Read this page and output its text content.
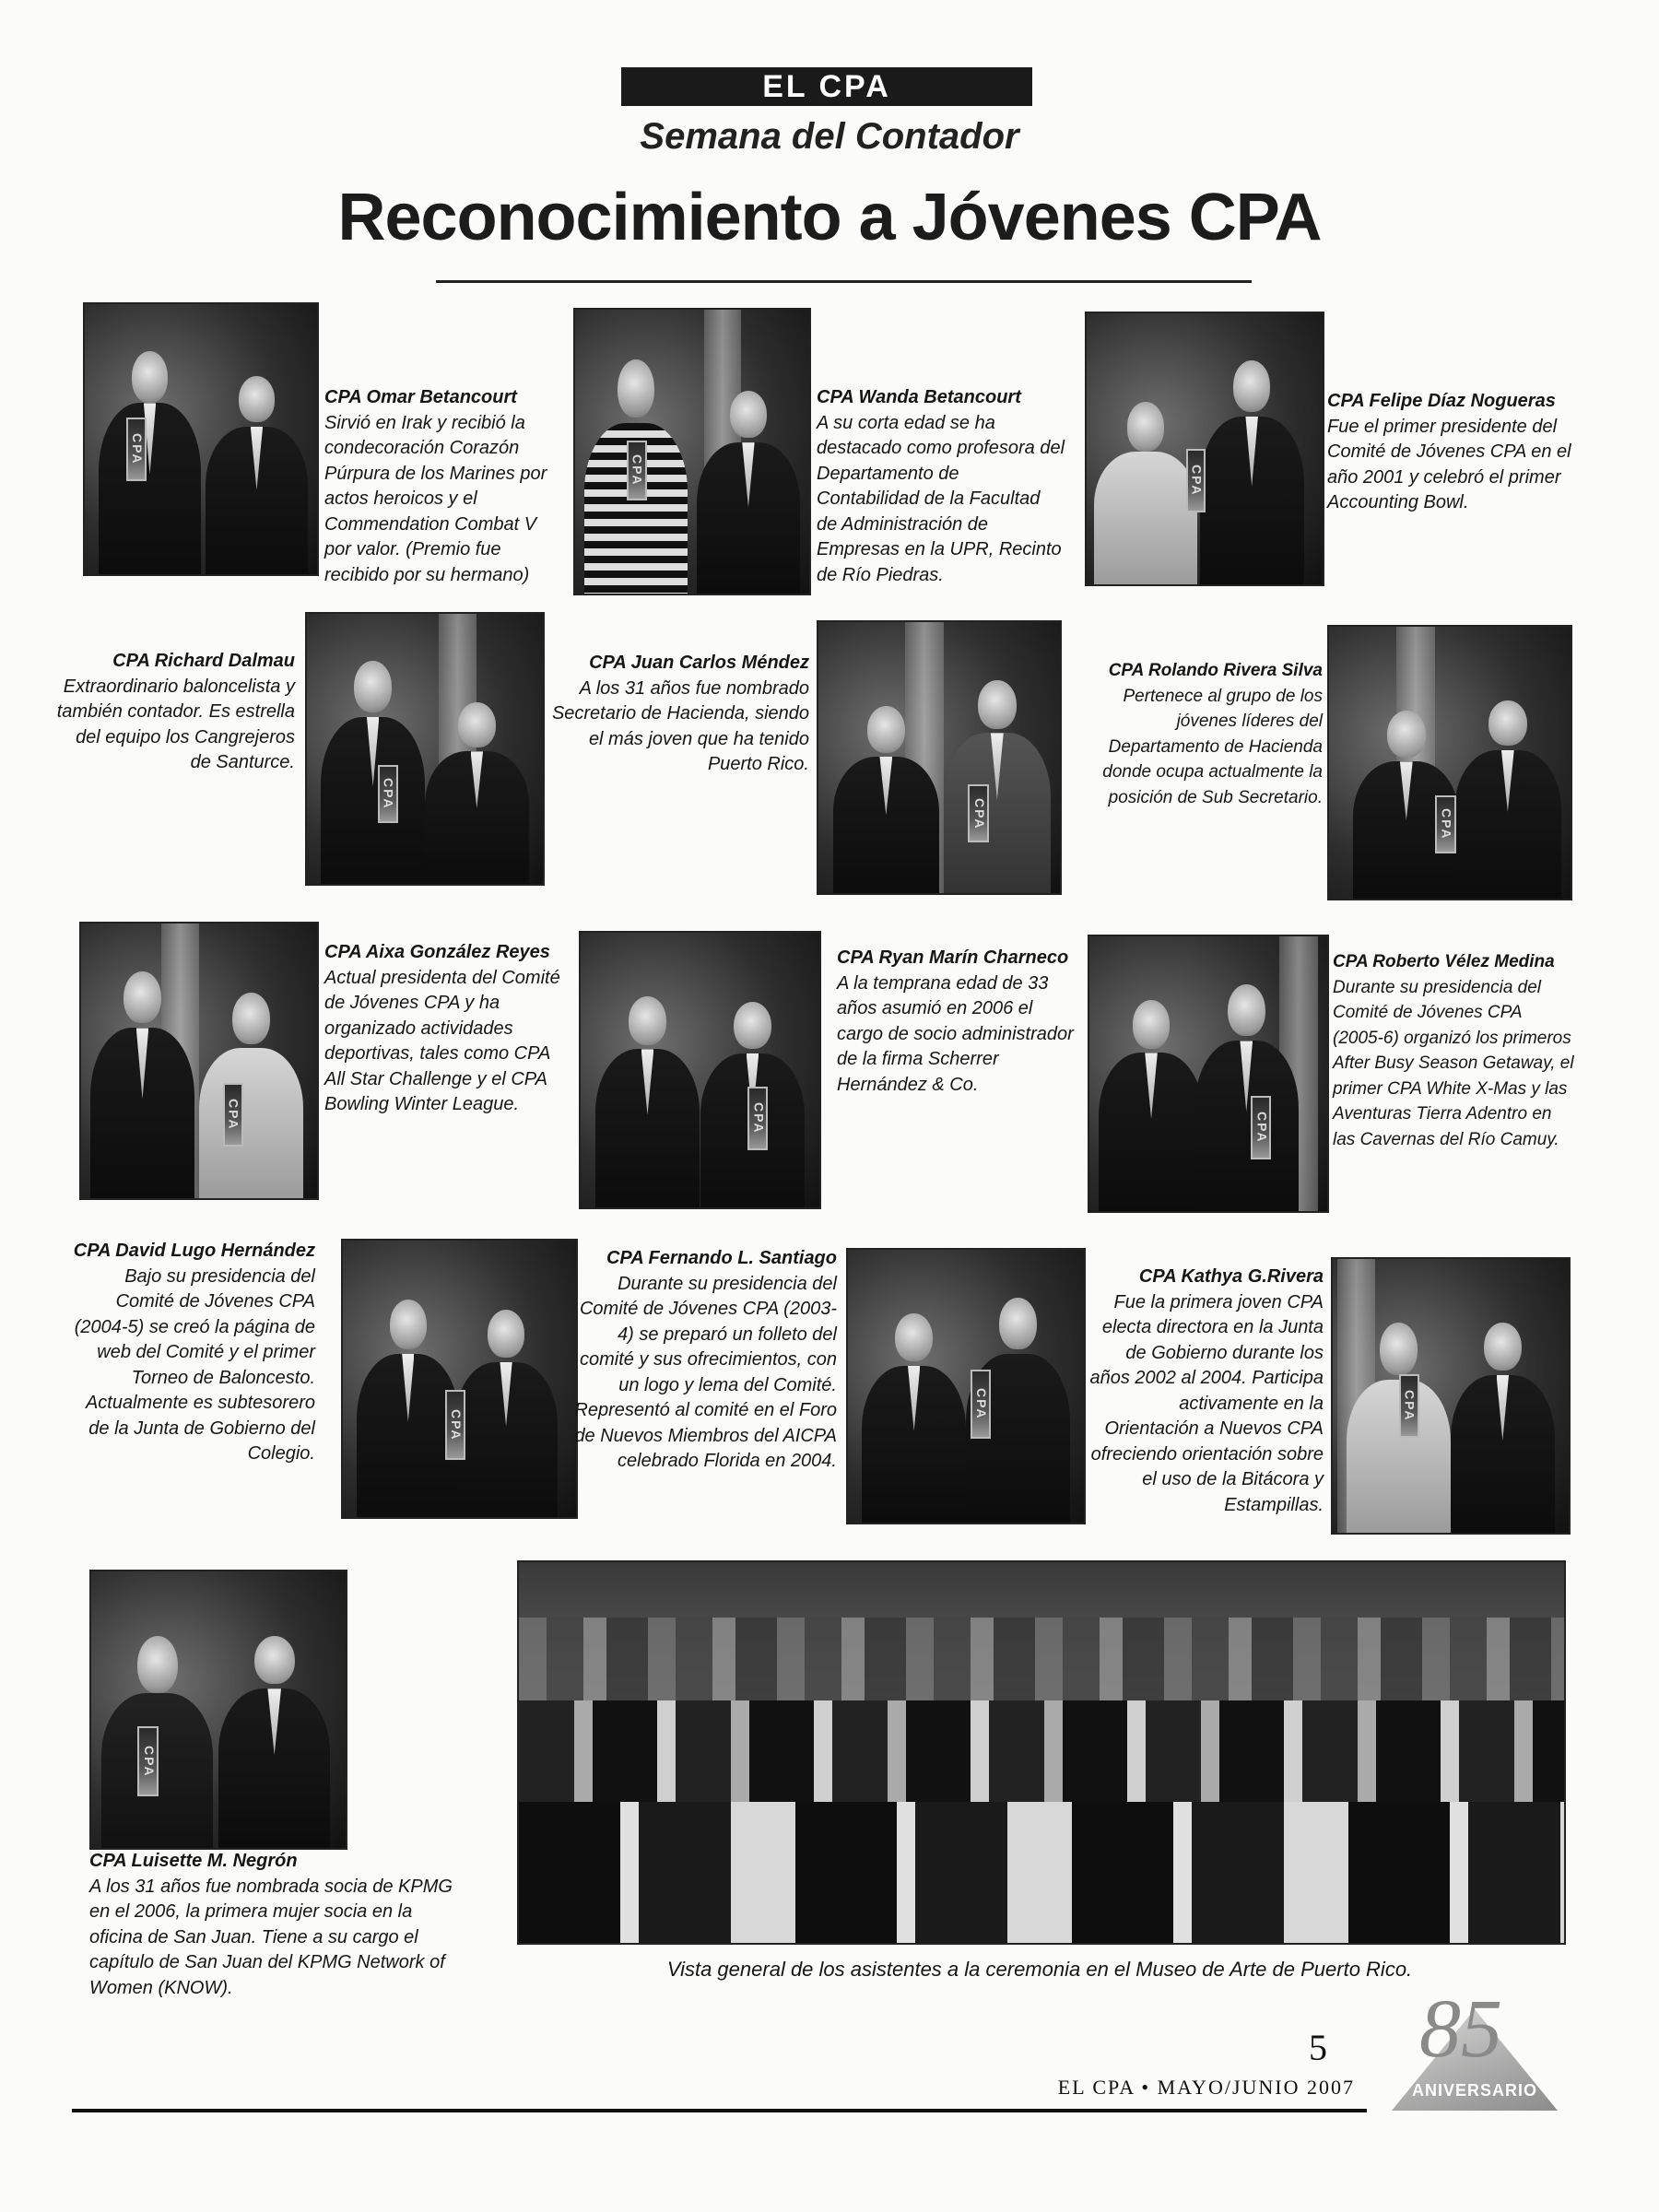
EL CPA
Semana del Contador
Reconocimiento a Jóvenes CPA
CPA
CPA Omar Betancourt
Sirvió en Irak y recibió la condecoración Corazón Púrpura de los Marines por actos heroicos y el Commendation Combat V por valor. (Premio fue recibido por su hermano)
CPA
CPA Wanda Betancourt
A su corta edad se ha destacado como profesora del Departamento de Contabilidad de la Facultad de Administración de Empresas en la UPR, Recinto de Río Piedras.
CPA
CPA Felipe Díaz Nogueras
Fue el primer presidente del Comité de Jóvenes CPA en el año 2001 y celebró el primer Accounting Bowl.
CPA Richard Dalmau
Extraordinario baloncelista y también contador. Es estrella del equipo los Cangrejeros de Santurce.
CPA
CPA Juan Carlos Méndez
A los 31 años fue nombrado Secretario de Hacienda, siendo el más joven que ha tenido Puerto Rico.
CPA
CPA Rolando Rivera Silva
Pertenece al grupo de los jóvenes líderes del Departamento de Hacienda donde ocupa actualmente la posición de Sub Secretario.
CPA
CPA
CPA Aixa González Reyes
Actual presidenta del Comité de Jóvenes CPA y ha organizado actividades deportivas, tales como CPA All Star Challenge y el CPA Bowling Winter League.	CPA
CPA Ryan Marín Charneco
A la temprana edad de 33 años asumió en 2006 el cargo de socio administrador de la firma Scherrer Hernández & Co.
CPA
CPA Roberto Vélez Medina
Durante su presidencia del Comité de Jóvenes CPA (2005-6) organizó los primeros After Busy Season Getaway, el primer CPA White X-Mas y las Aventuras Tierra Adentro en las Cavernas del Río Camuy.
CPA David Lugo Hernández
Bajo su presidencia del Comité de Jóvenes CPA (2004-5) se creó la página de web del Comité y el primer Torneo de Baloncesto. Actualmente es subtesorero de la Junta de Gobierno del Colegio.
CPA
CPA Fernando L. Santiago
Durante su presidencia del Comité de Jóvenes CPA (2003-4) se preparó un folleto del comité y sus ofrecimientos, con un logo y lema del Comité. Representó al comité en el Foro de Nuevos Miembros del AICPA celebrado Florida en 2004.
CPA
CPA Kathya G.Rivera
Fue la primera joven CPA electa directora en la Junta de Gobierno durante los años 2002 al 2004. Participa activamente en la Orientación a Nuevos CPA ofreciendo orientación sobre el uso de la Bitácora y Estampillas.
CPA
CPA
CPA Luisette M. Negrón
A los 31 años fue nombrada socia de KPMG en el 2006, la primera mujer socia en la oficina de San Juan. Tiene a su cargo el capítulo de San Juan del KPMG Network of Women (KNOW).
Vista general de los asistentes a la ceremonia en el Museo de Arte de Puerto Rico.
5
EL CPA • MAYO/JUNIO 2007
85
ANIVERSARIO
